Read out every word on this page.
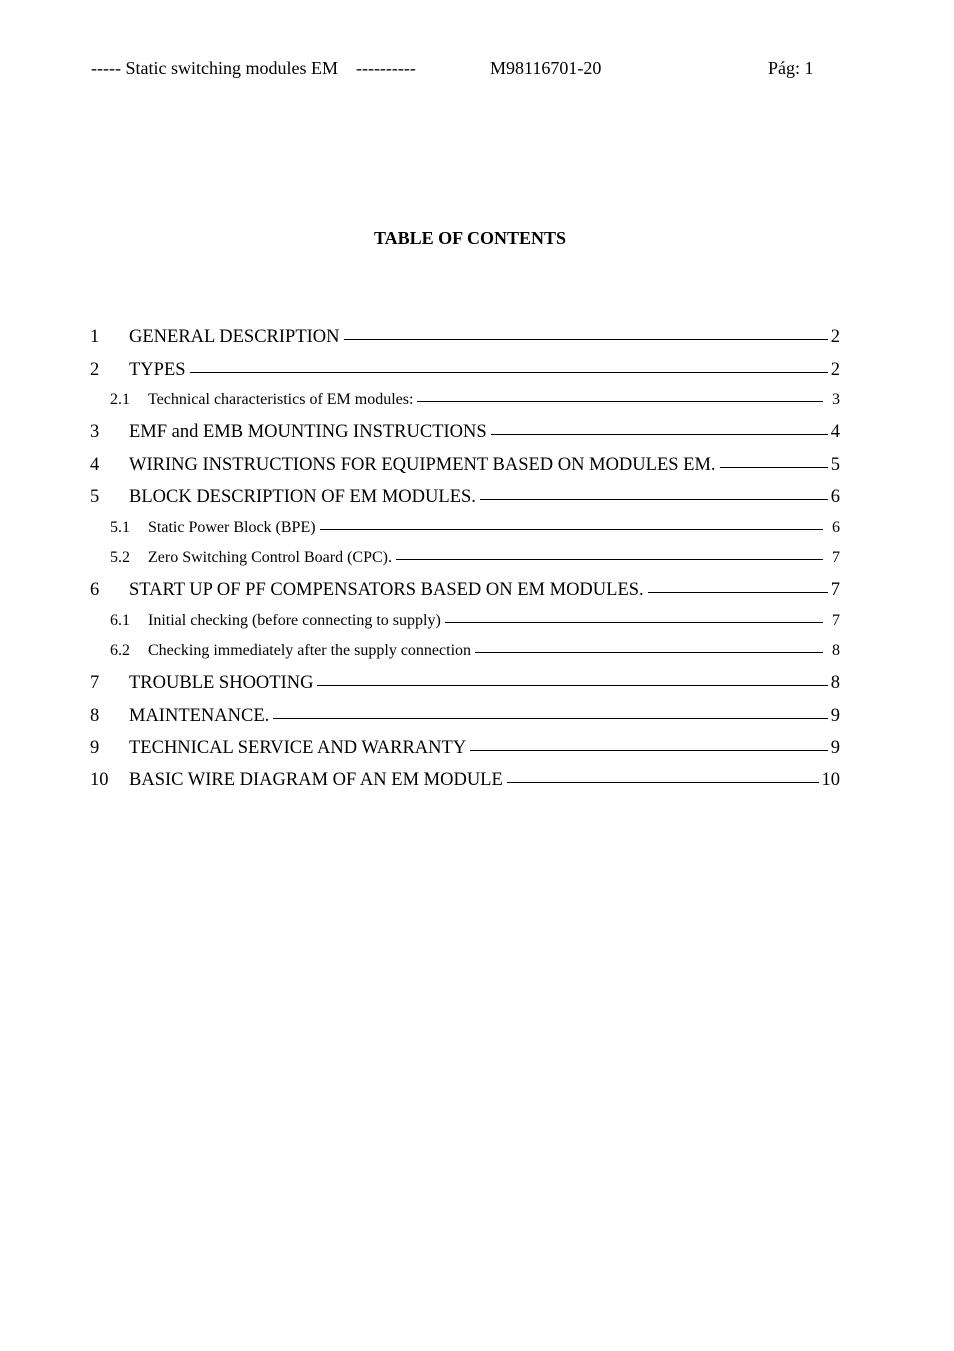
----- Static switching modules EM    ----------	M98116701-20	Pág: 1
TABLE OF CONTENTS
1	GENERAL DESCRIPTION	2
2	TYPES	2
2.1	Technical characteristics of EM modules:	3
3	EMF and EMB MOUNTING INSTRUCTIONS	4
4	WIRING INSTRUCTIONS FOR EQUIPMENT BASED ON MODULES EM.	5
5	BLOCK DESCRIPTION OF EM MODULES.	6
5.1	Static Power Block (BPE)	6
5.2	Zero Switching Control Board (CPC).	7
6	START UP OF PF COMPENSATORS BASED ON EM MODULES.	7
6.1	Initial checking (before connecting to supply)	7
6.2	Checking immediately after the supply connection	8
7	TROUBLE SHOOTING	8
8	MAINTENANCE.	9
9	TECHNICAL SERVICE AND WARRANTY	9
10	BASIC WIRE DIAGRAM OF AN EM MODULE	10
